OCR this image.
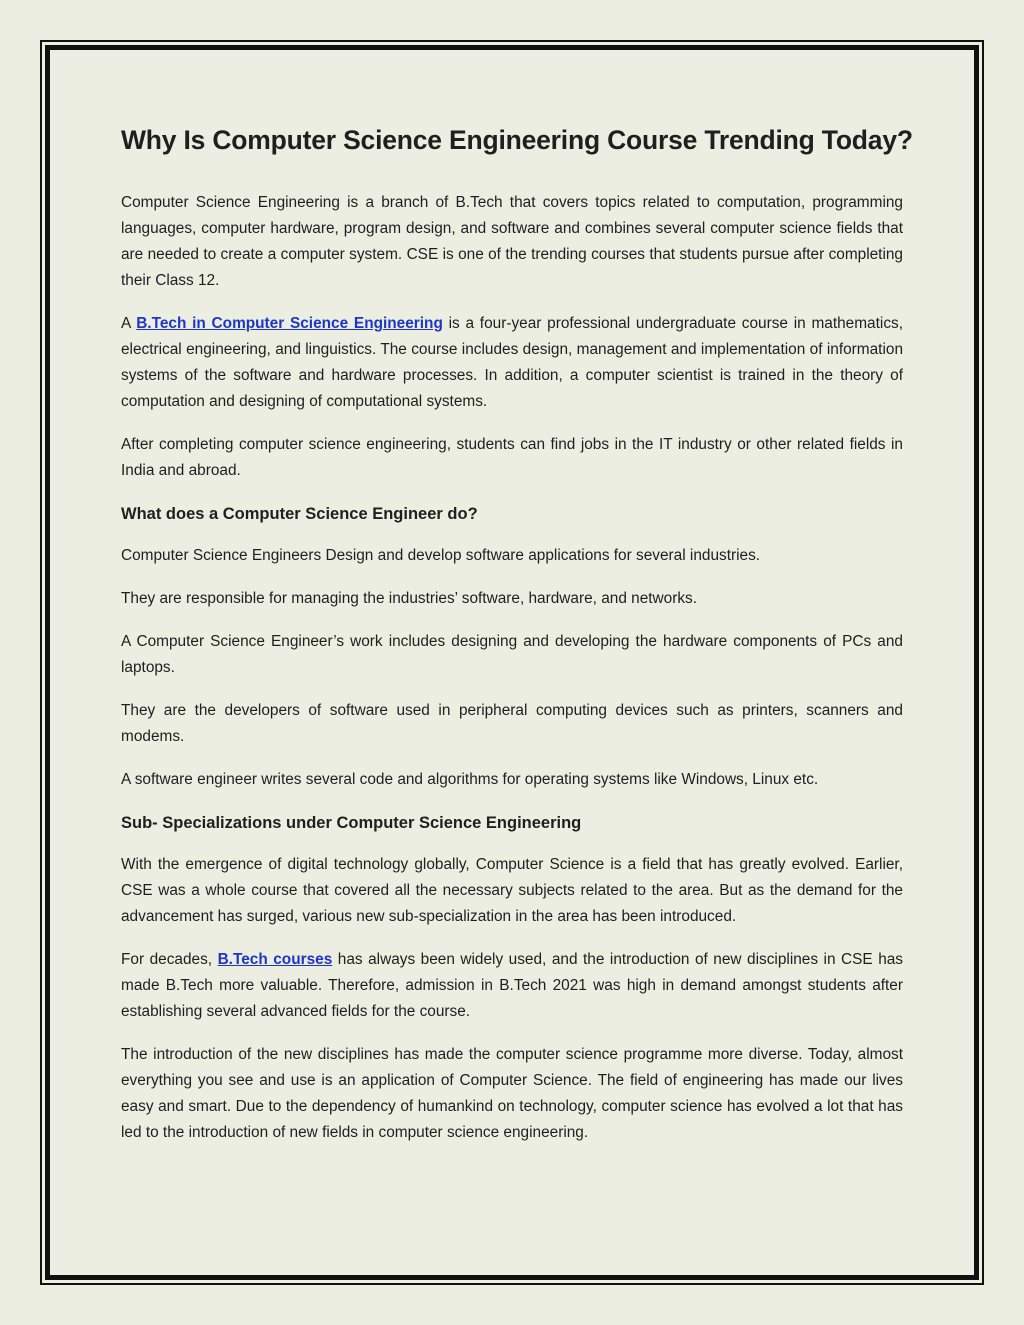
Why Is Computer Science Engineering Course Trending Today?

Computer Science Engineering is a branch of B.Tech that covers topics related to computation, programming languages, computer hardware, program design, and software and combines several computer science fields that are needed to create a computer system. CSE is one of the trending courses that students pursue after completing their Class 12.

A B.Tech in Computer Science Engineering is a four-year professional undergraduate course in mathematics, electrical engineering, and linguistics. The course includes design, management and implementation of information systems of the software and hardware processes. In addition, a computer scientist is trained in the theory of computation and designing of computational systems.

After completing computer science engineering, students can find jobs in the IT industry or other related fields in India and abroad.

What does a Computer Science Engineer do?

Computer Science Engineers Design and develop software applications for several industries.

They are responsible for managing the industries’ software, hardware, and networks.

A Computer Science Engineer’s work includes designing and developing the hardware components of PCs and laptops.

They are the developers of software used in peripheral computing devices such as printers, scanners and modems.

A software engineer writes several code and algorithms for operating systems like Windows, Linux etc.

Sub- Specializations under Computer Science Engineering

With the emergence of digital technology globally, Computer Science is a field that has greatly evolved. Earlier, CSE was a whole course that covered all the necessary subjects related to the area. But as the demand for the advancement has surged, various new sub-specialization in the area has been introduced.

For decades, B.Tech courses has always been widely used, and the introduction of new disciplines in CSE has made B.Tech more valuable. Therefore, admission in B.Tech 2021 was high in demand amongst students after establishing several advanced fields for the course.

The introduction of the new disciplines has made the computer science programme more diverse. Today, almost everything you see and use is an application of Computer Science. The field of engineering has made our lives easy and smart. Due to the dependency of humankind on technology, computer science has evolved a lot that has led to the introduction of new fields in computer science engineering.
